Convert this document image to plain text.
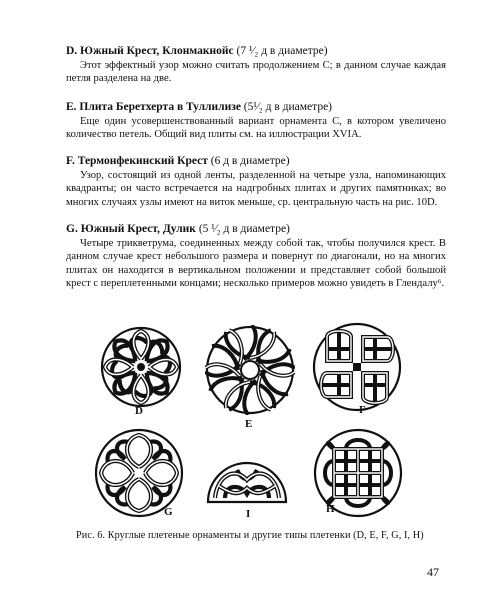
D. Южный Крест, Клонмакнойс (7 ¹⁄₂ д в диаметре)

Этот эффектный узор можно считать продолжением С; в данном случае каждая петля разделена на две.

E. Плита Беретхерта в Туллилизе (5¹⁄₂ д в диаметре)

Еще один усовершенствованный вариант орнамента С, в котором увеличено количество петель. Общий вид плиты см. на иллюстрации XVIA.

F. Термонфекинский Крест (6 д в диаметре)

Узор, состоящий из одной ленты, разделенной на четыре узла, напоминающих квадранты; он часто встречается на надгробных плитах и других памятниках; во многих случаях узлы имеют на виток меньше, ср. центральную часть на рис. 10D.

G. Южный Крест, Дулик (5 ¹⁄₂ д в диаметре)

Четыре трикветрума, соединенных между собой так, чтобы получился крест. В данном случае крест небольшого размера и повернут по диагонали, но на многих плитах он находится в вертикальном положении и представляет собой большой крест с переплетенными концами; несколько примеров можно увидеть в Глендалу⁶.

D
E
F
G	I	H
Рис. 6. Круглые плетеные орнаменты и другие типы плетенки (D, E, F, G, I, H)
47
